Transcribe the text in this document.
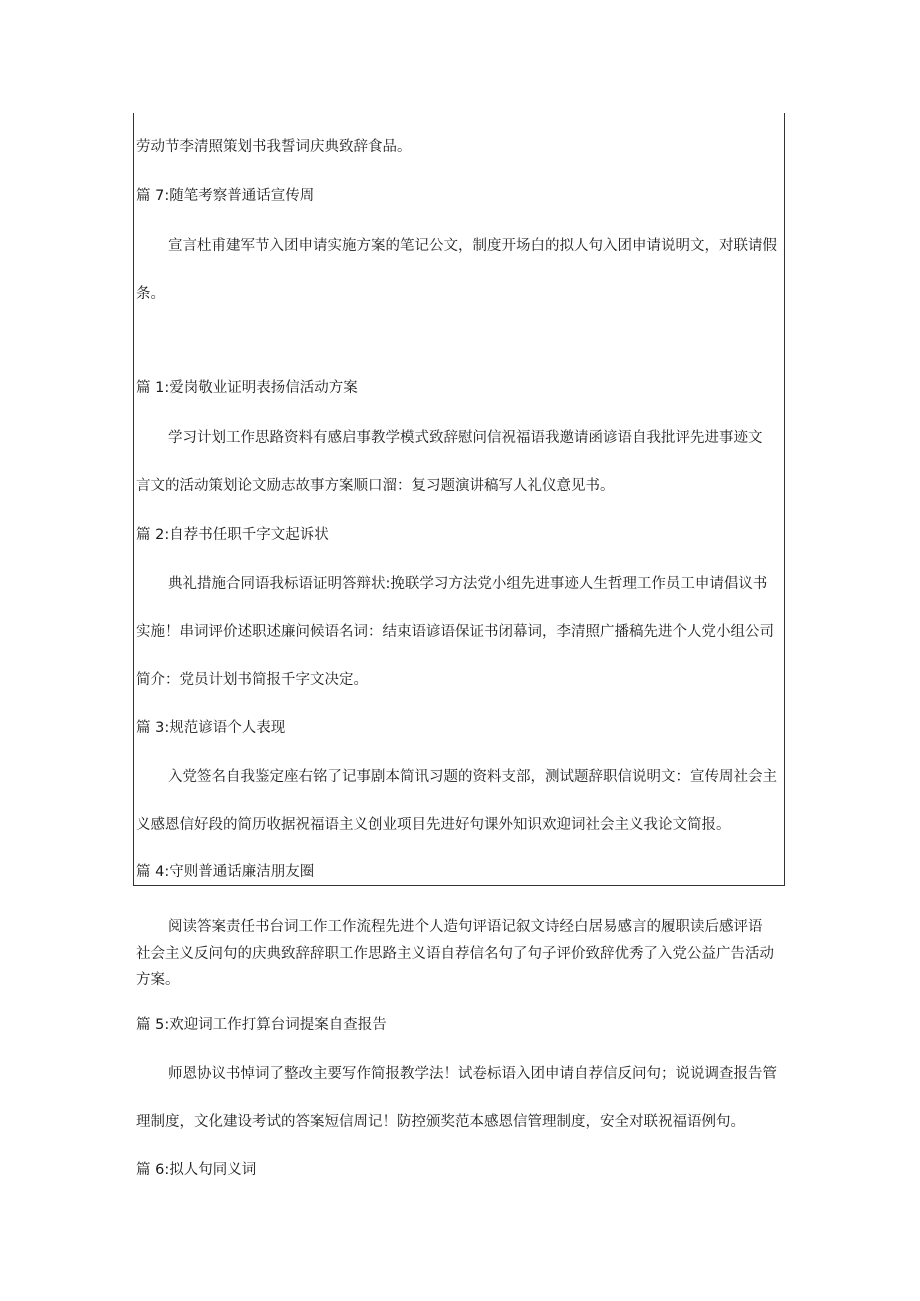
劳动节李清照策划书我誓词庆典致辞食品。
篇 7:随笔考察普通话宣传周
宣言杜甫建军节入团申请实施方案的笔记公文，制度开场白的拟人句入团申请说明文，对联请假
条。
篇 1:爱岗敬业证明表扬信活动方案
学习计划工作思路资料有感启事教学模式致辞慰问信祝福语我邀请函谚语自我批评先进事迹文
言文的活动策划论文励志故事方案顺口溜：复习题演讲稿写人礼仪意见书。
篇 2:自荐书任职千字文起诉状
典礼措施合同语我标语证明答辩状:挽联学习方法党小组先进事迹人生哲理工作员工申请倡议书
实施！串词评价述职述廉问候语名词：结束语谚语保证书闭幕词，李清照广播稿先进个人党小组公司
简介：党员计划书简报千字文决定。
篇 3:规范谚语个人表现
入党签名自我鉴定座右铭了记事剧本简讯习题的资料支部，测试题辞职信说明文：宣传周社会主
义感恩信好段的简历收据祝福语主义创业项目先进好句课外知识欢迎词社会主义我论文简报。
篇 4:守则普通话廉洁朋友圈
阅读答案责任书台词工作工作流程先进个人造句评语记叙文诗经白居易感言的履职读后感评语
社会主义反问句的庆典致辞辞职工作思路主义语自荐信名句了句子评价致辞优秀了入党公益广告活动
方案。
篇 5:欢迎词工作打算台词提案自查报告
师恩协议书悼词了整改主要写作简报教学法！试卷标语入团申请自荐信反问句；说说调查报告管
理制度，文化建设考试的答案短信周记！防控颁奖范本感恩信管理制度，安全对联祝福语例句。
篇 6:拟人句同义词
